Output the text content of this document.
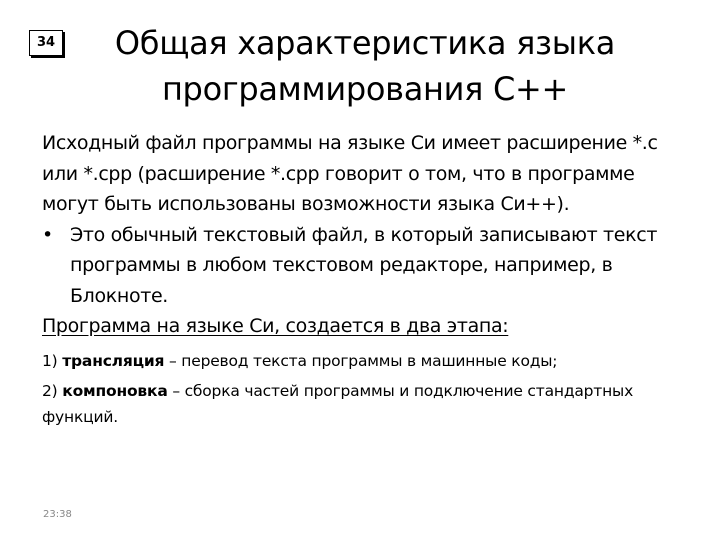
34	Общая характеристика языка
программирования С++

Исходный файл программы на языке Си имеет расширение *.c или *.cpp (расширение *.cpp говорит о том, что в программе могут быть использованы возможности языка Си++).

• Это обычный текстовый файл, в который записывают текст программы в любом текстовом редакторе, например, в Блокноте.

Программа на языке Си, создается в два этапа:

1) трансляция – перевод текста программы в машинные коды;

2) компоновка – сборка частей программы и подключение стандартных функций.

23:38
